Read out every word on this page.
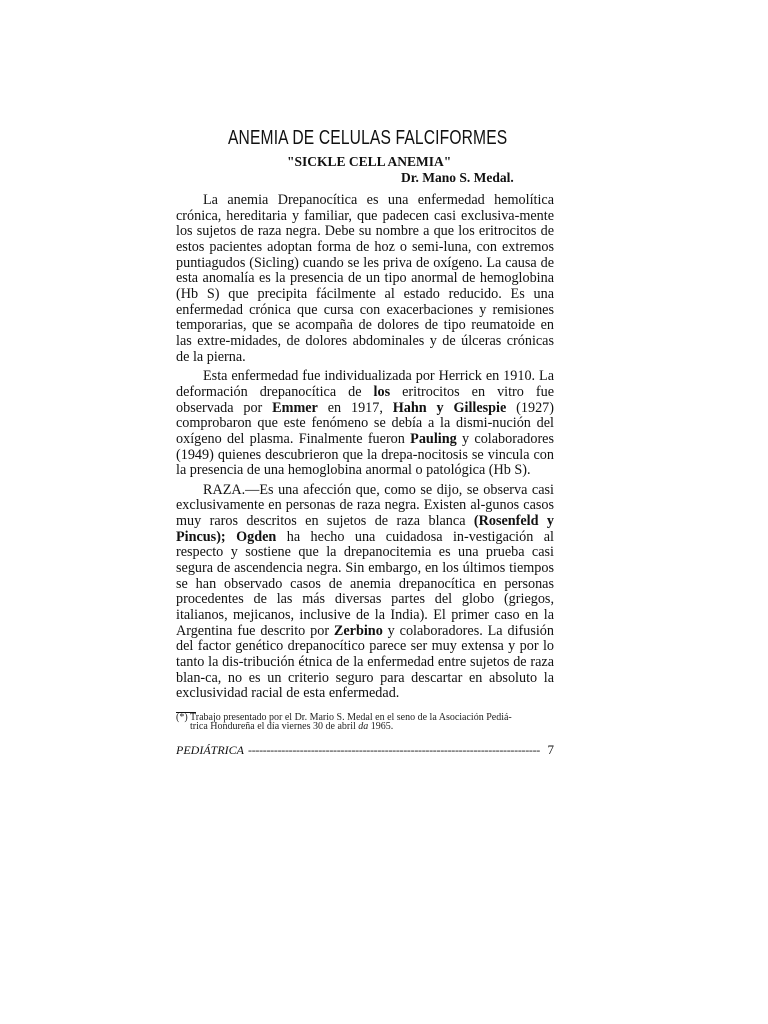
ANEMIA DE CELULAS FALCIFORMES
"SICKLE CELL ANEMIA"
Dr. Mano S. Medal.

La anemia Drepanocítica es una enfermedad hemolítica crónica, hereditaria y familiar, que padecen casi exclusiva-mente los sujetos de raza negra. Debe su nombre a que los eritrocitos de estos pacientes adoptan forma de hoz o semi-luna, con extremos puntiagudos (Sicling) cuando se les priva de oxígeno. La causa de esta anomalía es la presencia de un tipo anormal de hemoglobina (Hb S) que precipita fácilmente al estado reducido. Es una enfermedad crónica que cursa con exacerbaciones y remisiones temporarias, que se acompaña de dolores de tipo reumatoide en las extre-midades, de dolores abdominales y de úlceras crónicas de la pierna.

Esta enfermedad fue individualizada por Herrick en 1910. La deformación drepanocítica de los eritrocitos en vitro fue observada por Emmer en 1917, Hahn y Gillespie (1927) comprobaron que este fenómeno se debía a la dismi-nución del oxígeno del plasma. Finalmente fueron Pauling y colaboradores (1949) quienes descubrieron que la drepa-nocitosis se vincula con la presencia de una hemoglobina anormal o patológica (Hb S).

RAZA.—Es una afección que, como se dijo, se observa casi exclusivamente en personas de raza negra. Existen al-gunos casos muy raros descritos en sujetos de raza blanca (Rosenfeld y Pincus); Ogden ha hecho una cuidadosa in-vestigación al respecto y sostiene que la drepanocitemia es una prueba casi segura de ascendencia negra. Sin embargo, en los últimos tiempos se han observado casos de anemia drepanocítica en personas procedentes de las más diversas partes del globo (griegos, italianos, mejicanos, inclusive de la India). El primer caso en la Argentina fue descrito por Zerbino y colaboradores. La difusión del factor genético drepanocítico parece ser muy extensa y por lo tanto la dis-tribución étnica de la enfermedad entre sujetos de raza blan-ca, no es un criterio seguro para descartar en absoluto la exclusividad racial de esta enfermedad.

(*) Trabajo presentado por el Dr. Mario S. Medal en el seno de la Asociación Pediá-
trica Hondureña el día viernes 30 de abril da 1965.
PEDIÁTRICA ------------------------------------------------------------------------------- 7
